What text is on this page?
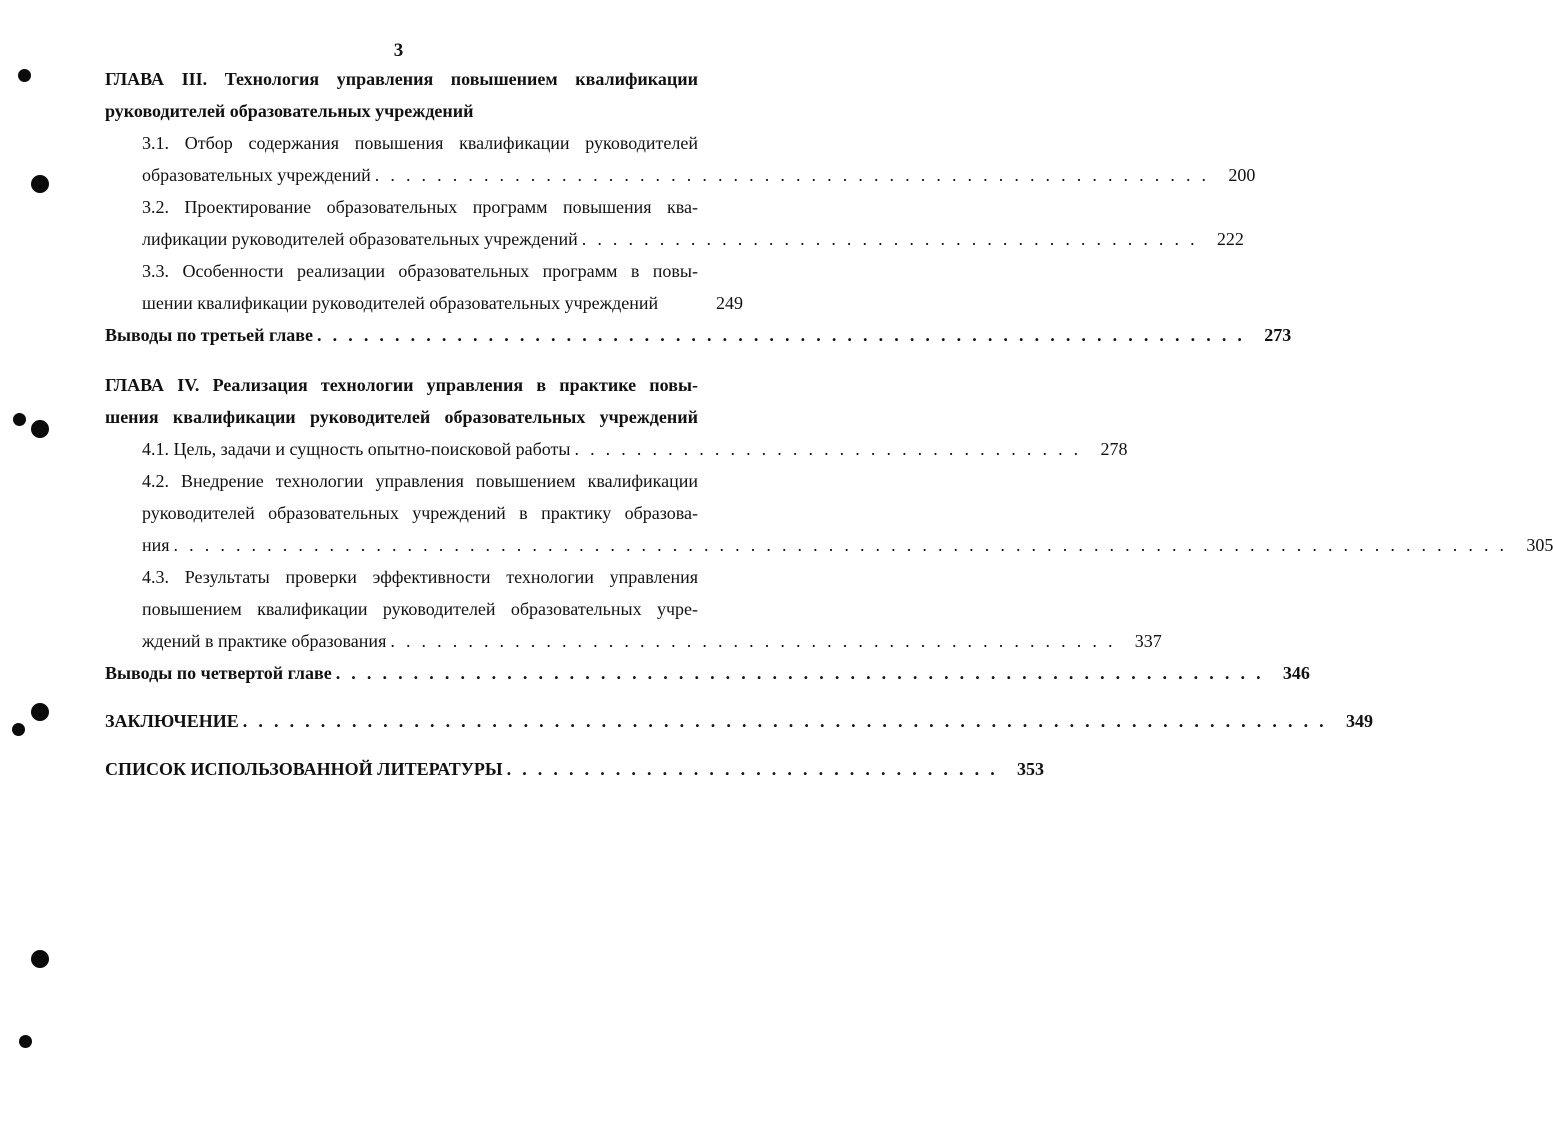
3
ГЛАВА III. Технология управления повышением квалификации
руководителей образовательных учреждений
3.1. Отбор содержания повышения квалификации руководителей
образовательных учреждений . . . . . . . . . . . . . . . . . . . . . . . . . . . . . . . . . . . . . . . . . . . . . . . . . . . . . .	200
3.2. Проектирование образовательных программ повышения ква-
лификации руководителей образовательных учреждений . . . . . . . . . . . . . . . . . . . . . . . . . . . . . . . . . . . . . . . .	222
3.3. Особенности реализации образовательных программ в повы-
шении квалификации руководителей образовательных учреждений	249
Выводы по третьей главе . . . . . . . . . . . . . . . . . . . . . . . . . . . . . . . . . . . . . . . . . . . . . . . . . . . . . . . . . . . .	273
ГЛАВА IV. Реализация технологии управления в практике повы-
шения квалификации руководителей образовательных учреждений
4.1. Цель, задачи и сущность опытно-поисковой работы . . . . . . . . . . . . . . . . . . . . . . . . . . . . . . . . .	278
4.2. Внедрение технологии управления повышением квалификации
руководителей образовательных учреждений в практику образова-
ния . . . . . . . . . . . . . . . . . . . . . . . . . . . . . . . . . . . . . . . . . . . . . . . . . . . . . . . . . . . . . . . . . . . . . . . . . . . . . . . . . . . . . .	305
4.3. Результаты проверки эффективности технологии управления
повышением квалификации руководителей образовательных учре-
ждений в практике образования . . . . . . . . . . . . . . . . . . . . . . . . . . . . . . . . . . . . . . . . . . . . . . .	337
Выводы по четвертой главе . . . . . . . . . . . . . . . . . . . . . . . . . . . . . . . . . . . . . . . . . . . . . . . . . . . . . . . . . . . .	346
ЗАКЛЮЧЕНИЕ . . . . . . . . . . . . . . . . . . . . . . . . . . . . . . . . . . . . . . . . . . . . . . . . . . . . . . . . . . . . . . . . . . . . . .	349
СПИСОК ИСПОЛЬЗОВАННОЙ ЛИТЕРАТУРЫ . . . . . . . . . . . . . . . . . . . . . . . . . . . . . . . .	353
